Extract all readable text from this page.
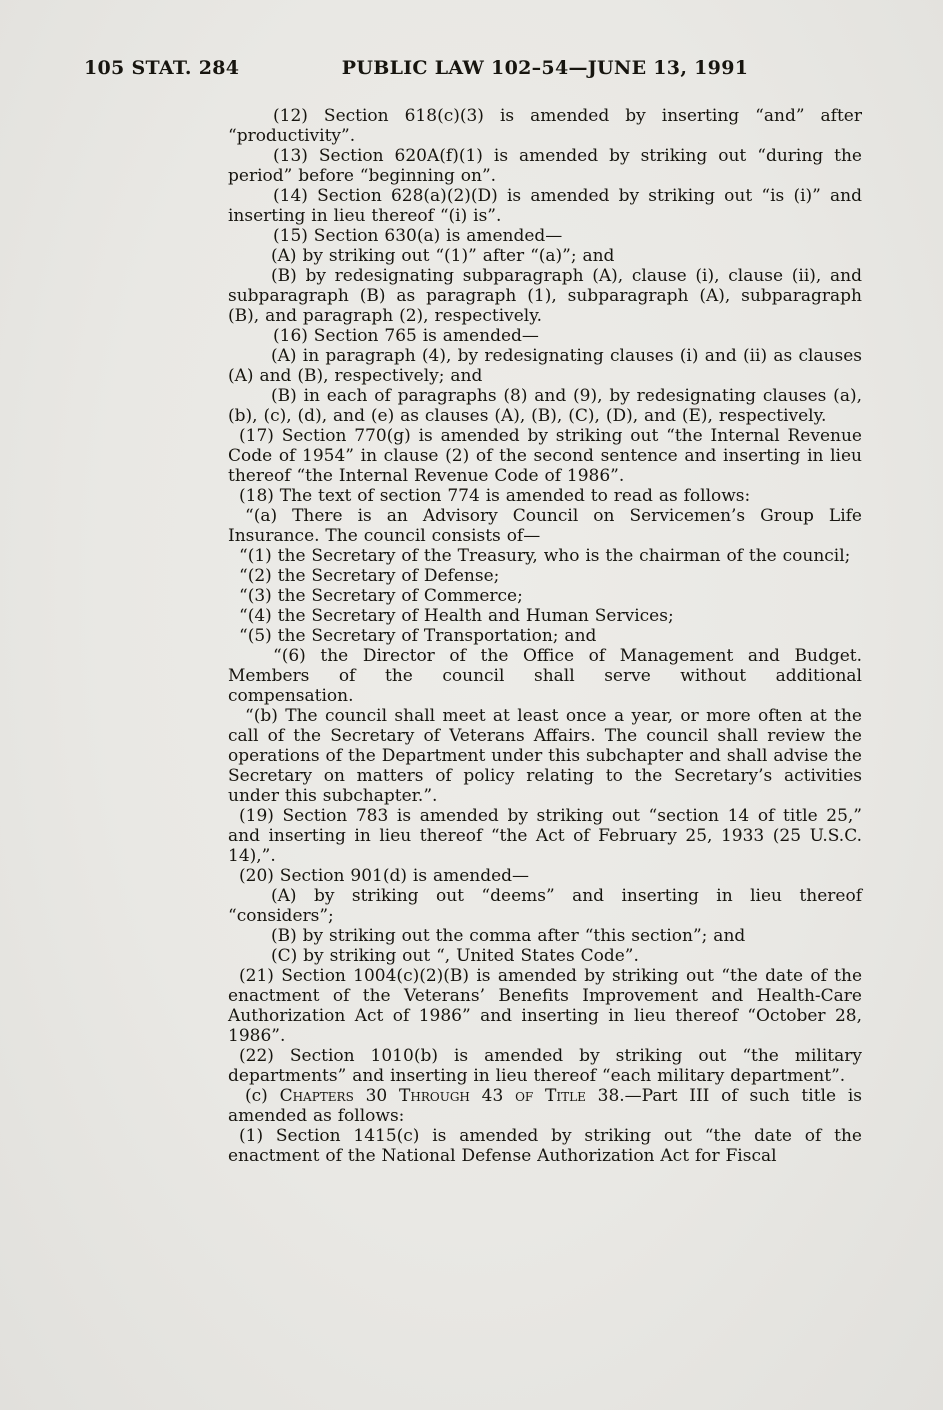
105 STAT. 284	PUBLIC LAW 102–54—JUNE 13, 1991

(12) Section 618(c)(3) is amended by inserting “and” after “productivity”.

(13) Section 620A(f)(1) is amended by striking out “during the period” before “beginning on”.

(14) Section 628(a)(2)(D) is amended by striking out “is (i)” and inserting in lieu thereof “(i) is”.

(15) Section 630(a) is amended—

(A) by striking out “(1)” after “(a)”; and

(B) by redesignating subparagraph (A), clause (i), clause (ii), and subparagraph (B) as paragraph (1), subparagraph (A), subparagraph (B), and paragraph (2), respectively.

(16) Section 765 is amended—

(A) in paragraph (4), by redesignating clauses (i) and (ii) as clauses (A) and (B), respectively; and

(B) in each of paragraphs (8) and (9), by redesignating clauses (a), (b), (c), (d), and (e) as clauses (A), (B), (C), (D), and (E), respectively.

(17) Section 770(g) is amended by striking out “the Internal Revenue Code of 1954” in clause (2) of the second sentence and inserting in lieu thereof “the Internal Revenue Code of 1986”.

(18) The text of section 774 is amended to read as follows:

“(a) There is an Advisory Council on Servicemen’s Group Life Insurance. The council consists of—

“(1) the Secretary of the Treasury, who is the chairman of the council;

“(2) the Secretary of Defense;

“(3) the Secretary of Commerce;

“(4) the Secretary of Health and Human Services;

“(5) the Secretary of Transportation; and

“(6) the Director of the Office of Management and Budget.
Members of the council shall serve without additional
compensation.

“(b) The council shall meet at least once a year, or more often at the call of the Secretary of Veterans Affairs. The council shall review the operations of the Department under this subchapter and shall advise the Secretary on matters of policy relating to the Secretary’s activities under this subchapter.”.

(19) Section 783 is amended by striking out “section 14 of title 25,” and inserting in lieu thereof “the Act of February 25, 1933 (25 U.S.C. 14),”.

(20) Section 901(d) is amended—

(A) by striking out “deems” and inserting in lieu thereof “considers”;

(B) by striking out the comma after “this section”; and

(C) by striking out “, United States Code”.

(21) Section 1004(c)(2)(B) is amended by striking out “the date of the enactment of the Veterans’ Benefits Improvement and Health-Care Authorization Act of 1986” and inserting in lieu thereof “October 28, 1986”.

(22) Section 1010(b) is amended by striking out “the military departments” and inserting in lieu thereof “each military department”.

(c) Chapters 30 Through 43 of Title 38.—Part III of such title is amended as follows:

(1) Section 1415(c) is amended by striking out “the date of the enactment of the National Defense Authorization Act for Fiscal
